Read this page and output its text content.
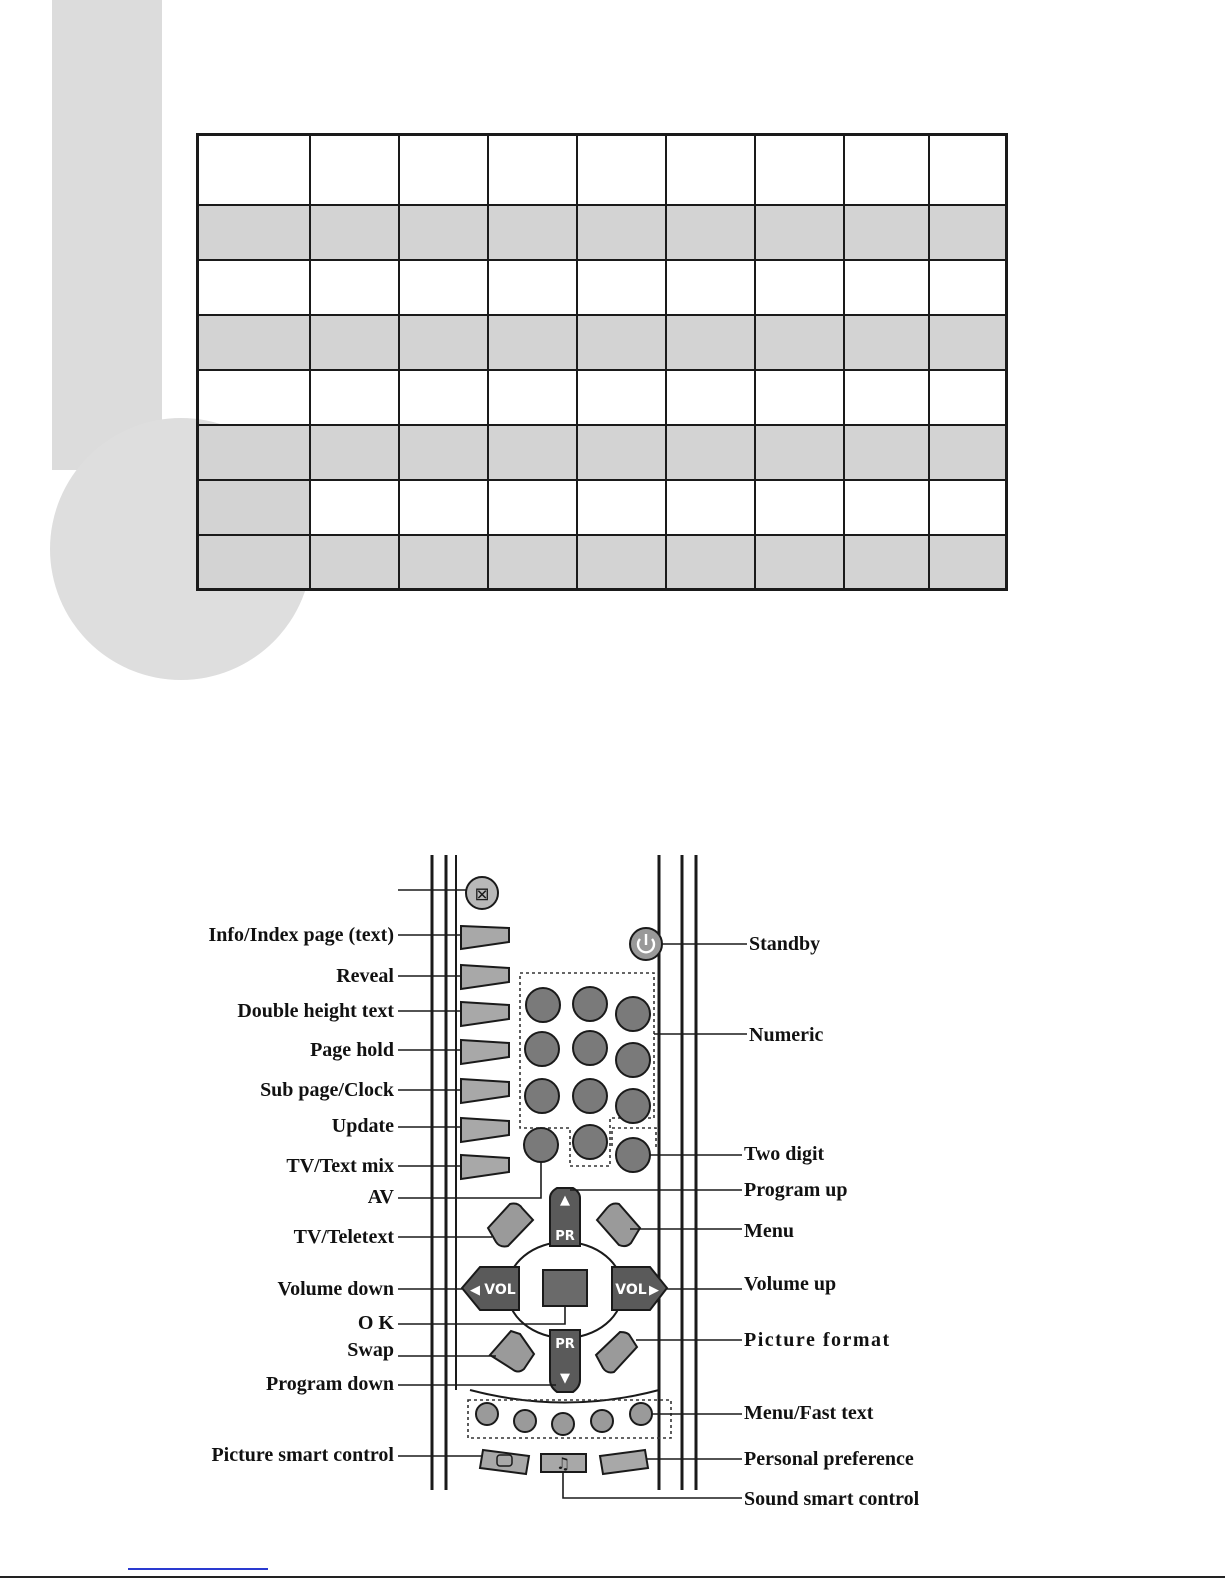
⊠
▲
PR
PR
▼
◀ VOL	VOL ▶
♫
Info/Index page (text)
Reveal
Double height text
Page hold
Sub page/Clock
Update
TV/Text mix
AV
TV/Teletext
Volume down
O K
Swap
Program down
Picture smart control
Standby
Numeric
Two digit
Program up
Menu
Volume up
Picture format
Menu/Fast text
Personal preference
Sound smart control
